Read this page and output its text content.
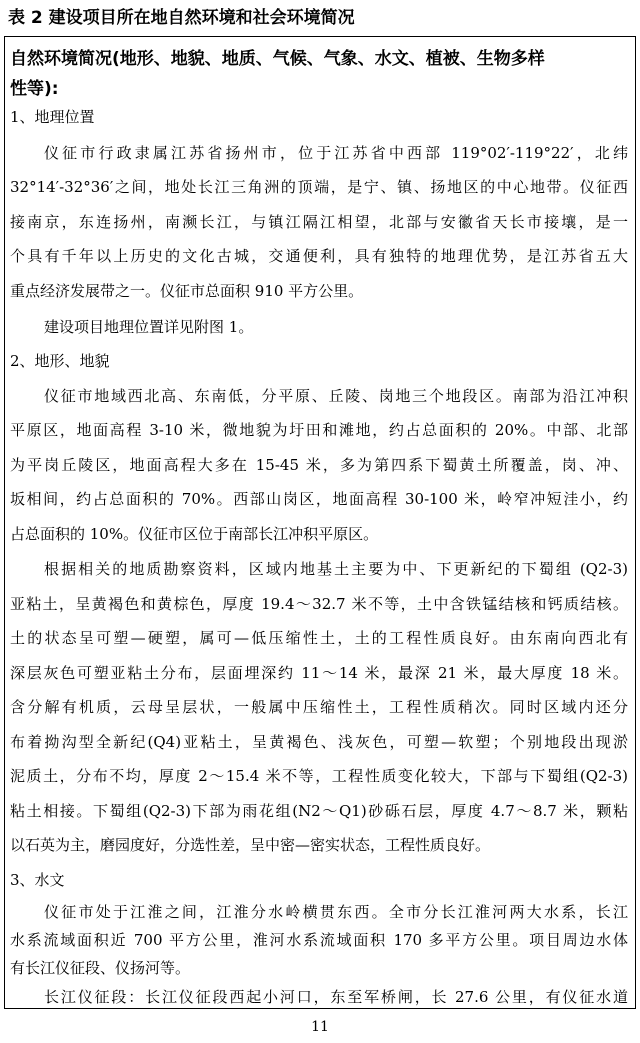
表 2 建设项目所在地自然环境和社会环境简况
自然环境简况(地形、地貌、地质、气候、气象、水文、植被、生物多样
性等):
1、地理位置
仪征市行政隶属江苏省扬州市，位于江苏省中西部 119°02′-119°22′，北纬
32°14′-32°36′之间，地处长江三角洲的顶端，是宁、镇、扬地区的中心地带。仪征西
接南京，东连扬州，南濒长江，与镇江隔江相望，北部与安徽省天长市接壤，是一
个具有千年以上历史的文化古城，交通便利，具有独特的地理优势，是江苏省五大
重点经济发展带之一。仪征市总面积 910 平方公里。
建设项目地理位置详见附图 1。
2、地形、地貌
仪征市地域西北高、东南低，分平原、丘陵、岗地三个地段区。南部为沿江冲积
平原区，地面高程 3-10 米，微地貌为圩田和滩地，约占总面积的 20%。中部、北部
为平岗丘陵区，地面高程大多在 15-45 米，多为第四系下蜀黄土所覆盖，岗、冲、
坂相间，约占总面积的 70%。西部山岗区，地面高程 30-100 米，岭窄冲短洼小，约
占总面积的 10%。仪征市区位于南部长江冲积平原区。
根据相关的地质勘察资料，区域内地基土主要为中、下更新纪的下蜀组 (Q2-3)
亚粘土，呈黄褐色和黄棕色，厚度 19.4～32.7 米不等，土中含铁锰结核和钙质结核。
土的状态呈可塑—硬塑，属可—低压缩性土，土的工程性质良好。由东南向西北有
深层灰色可塑亚粘土分布，层面埋深约 11～14 米，最深 21 米，最大厚度 18 米。
含分解有机质，云母呈层状，一般属中压缩性土，工程性质稍次。同时区域内还分
布着拗沟型全新纪(Q4)亚粘土，呈黄褐色、浅灰色，可塑—软塑；个别地段出现淤
泥质土，分布不均，厚度 2～15.4 米不等，工程性质变化较大，下部与下蜀组(Q2-3)
粘土相接。下蜀组(Q2-3)下部为雨花组(N2～Q1)砂砾石层，厚度 4.7～8.7 米，颗粘
以石英为主，磨园度好，分选性差，呈中密—密实状态，工程性质良好。
3、水文
仪征市处于江淮之间，江淮分水岭横贯东西。全市分长江淮河两大水系，长江
水系流域面积近 700 平方公里，淮河水系流域面积 170 多平方公里。项目周边水体
有长江仪征段、仪扬河等。
11
长江仪征段：长江仪征段西起小河口，东至军桥闸，长 27.6 公里，有仪征水道
